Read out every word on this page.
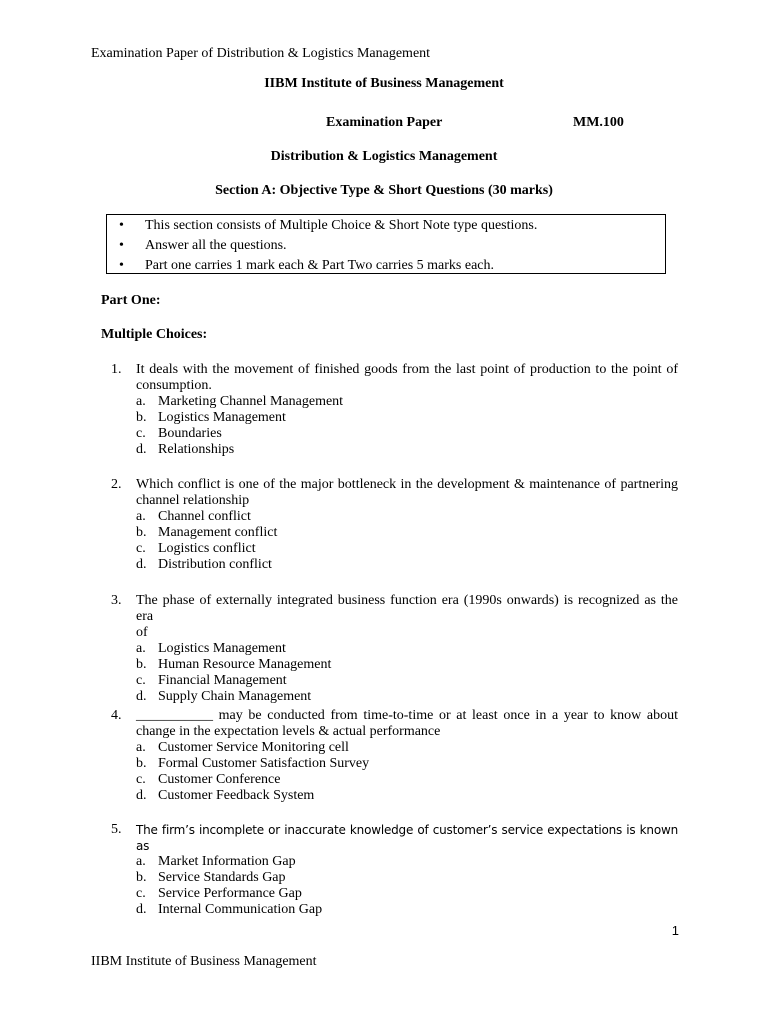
Examination Paper of Distribution & Logistics Management
IIBM Institute of Business Management
Examination Paper	MM.100
Distribution & Logistics Management
Section A: Objective Type & Short Questions (30 marks)
•	This section consists of Multiple Choice & Short Note type questions.
•	Answer all the questions.
•	Part one carries 1 mark each & Part Two carries 5 marks each.
Part One:
Multiple Choices:
1.	It deals with the movement of finished goods from the last point of production to the point of
consumption.
a. Marketing Channel Management
b. Logistics Management
c. Boundaries
d. Relationships
2.	Which conflict is one of the major bottleneck in the development & maintenance of partnering
channel relationship
a. Channel conflict
b. Management conflict
c. Logistics conflict
d. Distribution conflict
3.	The phase of externally integrated business function era (1990s onwards) is recognized as the era
of
a. Logistics Management
b. Human Resource Management
c. Financial Management
d. Supply Chain Management
4.	___________ may be conducted from time-to-time or at least once in a year to know about
change in the expectation levels & actual performance
a. Customer Service Monitoring cell
b. Formal Customer Satisfaction Survey
c. Customer Conference
d. Customer Feedback System
5.	The firm’s incomplete or inaccurate knowledge of customer’s service expectations is known as
a. Market Information Gap
b. Service Standards Gap
c. Service Performance Gap
d. Internal Communication Gap
1
IIBM Institute of Business Management
